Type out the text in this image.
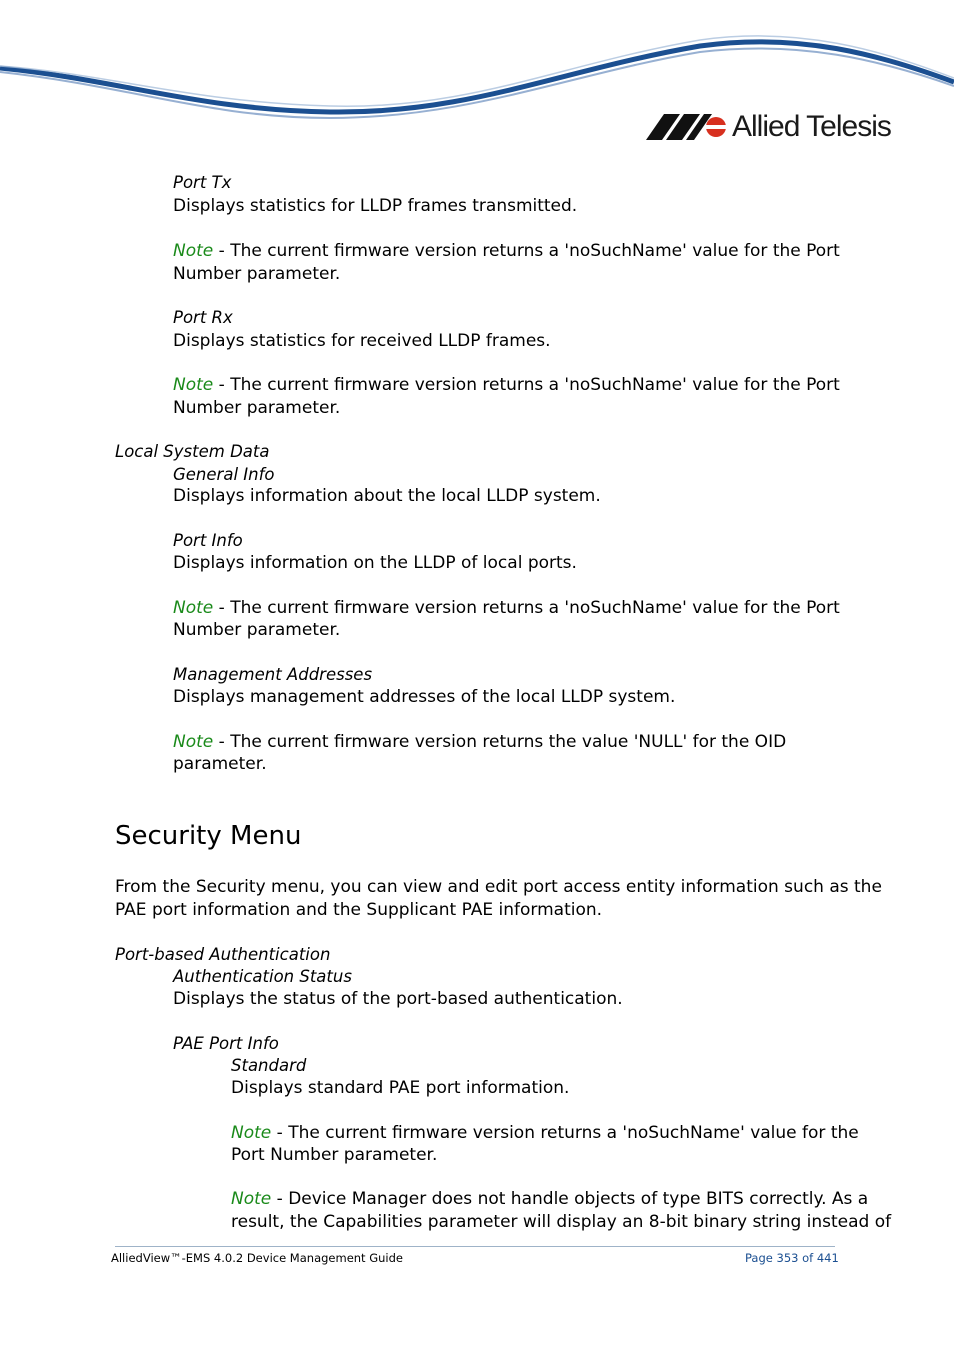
Allied Telesis
Port Tx
Displays statistics for LLDP frames transmitted.
Note - The current firmware version returns a 'noSuchName' value for the Port
Number parameter.
Port Rx
Displays statistics for received LLDP frames.
Note - The current firmware version returns a 'noSuchName' value for the Port
Number parameter.
Local System Data
General Info
Displays information about the local LLDP system.
Port Info
Displays information on the LLDP of local ports.
Note - The current firmware version returns a 'noSuchName' value for the Port
Number parameter.
Management Addresses
Displays management addresses of the local LLDP system.
Note - The current firmware version returns the value 'NULL' for the OID
parameter.
Security Menu
From the Security menu, you can view and edit port access entity information such as the
PAE port information and the Supplicant PAE information.
Port-based Authentication
Authentication Status
Displays the status of the port-based authentication.
PAE Port Info
Standard
Displays standard PAE port information.
Note - The current firmware version returns a 'noSuchName' value for the
Port Number parameter.
Note - Device Manager does not handle objects of type BITS correctly. As a
result, the Capabilities parameter will display an 8-bit binary string instead of
AlliedView™-EMS 4.0.2 Device Management Guide	Page 353 of 441
